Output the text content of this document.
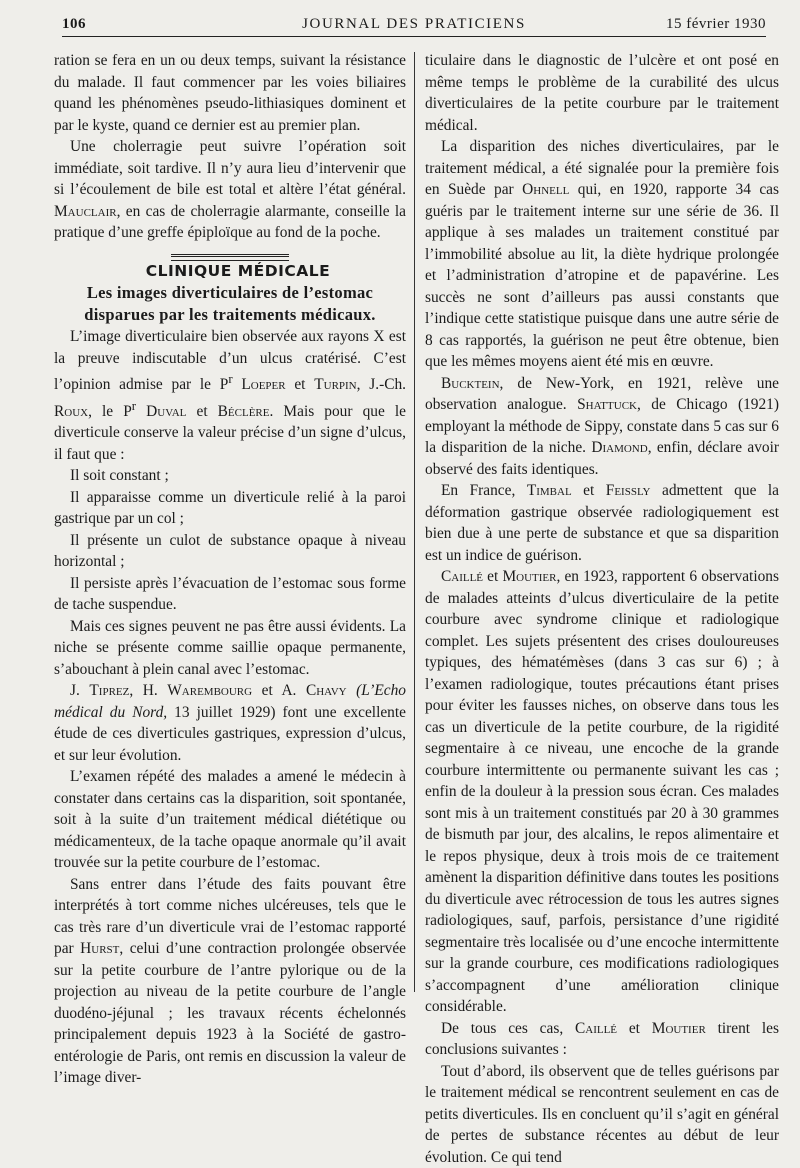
106	JOURNAL DES PRATICIENS	15 février 1930

ration se fera en un ou deux temps, suivant la résistance du malade. Il faut commencer par les voies biliaires quand les phénomènes pseudo-lithiasiques dominent et par le kyste, quand ce dernier est au premier plan.

Une cholerragie peut suivre l’opération soit immédiate, soit tardive. Il n’y aura lieu d’intervenir que si l’écoulement de bile est total et altère l’état général. Mauclair, en cas de cholerragie alarmante, conseille la pratique d’une greffe épiploïque au fond de la poche.

CLINIQUE MÉDICALE

Les images diverticulaires de l’estomac disparues par les traitements médicaux.

L’image diverticulaire bien observée aux rayons X est la preuve indiscutable d’un ulcus cratérisé. C’est l’opinion admise par le $P^r$ Loeper et Turpin, J.-Ch. Roux, le $P^r$ Duval et Béclère. Mais pour que le diverticule conserve la valeur précise d’un signe d’ulcus, il faut que :

Il soit constant ;

Il apparaisse comme un diverticule relié à la paroi gastrique par un col ;

Il présente un culot de substance opaque à niveau horizontal ;

Il persiste après l’évacuation de l’estomac sous forme de tache suspendue.

Mais ces signes peuvent ne pas être aussi évidents. La niche se présente comme saillie opaque permanente, s’abouchant à plein canal avec l’estomac.

J. Tiprez, H. Warembourg et A. Chavy (L’Echo médical du Nord, 13 juillet 1929) font une excellente étude de ces diverticules gastriques, expression d’ulcus, et sur leur évolution.

L’examen répété des malades a amené le médecin à constater dans certains cas la disparition, soit spontanée, soit à la suite d’un traitement médical diététique ou médicamenteux, de la tache opaque anormale qu’il avait trouvée sur la petite courbure de l’estomac.

Sans entrer dans l’étude des faits pouvant être interprétés à tort comme niches ulcéreuses, tels que le cas très rare d’un diverticule vrai de l’estomac rapporté par Hurst, celui d’une contraction prolongée observée sur la petite courbure de l’antre pylorique ou de la projection au niveau de la petite courbure de l’angle duodéno-jéjunal ; les travaux récents échelonnés principalement depuis 1923 à la Société de gastro-entérologie de Paris, ont remis en discussion la valeur de l’image diver-

ticulaire dans le diagnostic de l’ulcère et ont posé en même temps le problème de la curabilité des ulcus diverticulaires de la petite courbure par le traitement médical.

La disparition des niches diverticulaires, par le traitement médical, a été signalée pour la première fois en Suède par Ohnell qui, en 1920, rapporte 34 cas guéris par le traitement interne sur une série de 36. Il applique à ses malades un traitement constitué par l’immobilité absolue au lit, la diète hydrique prolongée et l’administration d’atropine et de papavérine. Les succès ne sont d’ailleurs pas aussi constants que l’indique cette statistique puisque dans une autre série de 8 cas rapportés, la guérison ne peut être obtenue, bien que les mêmes moyens aient été mis en œuvre.

Bucktein, de New-York, en 1921, relève une observation analogue. Shattuck, de Chicago (1921) employant la méthode de Sippy, constate dans 5 cas sur 6 la disparition de la niche. Diamond, enfin, déclare avoir observé des faits identiques.

En France, Timbal et Feissly admettent que la déformation gastrique observée radiologiquement est bien due à une perte de substance et que sa disparition est un indice de guérison.

Caillé et Moutier, en 1923, rapportent 6 observations de malades atteints d’ulcus diverticulaire de la petite courbure avec syndrome clinique et radiologique complet. Les sujets présentent des crises douloureuses typiques, des hématémèses (dans 3 cas sur 6) ; à l’examen radiologique, toutes précautions étant prises pour éviter les fausses niches, on observe dans tous les cas un diverticule de la petite courbure, de la rigidité segmentaire à ce niveau, une encoche de la grande courbure intermittente ou permanente suivant les cas ; enfin de la douleur à la pression sous écran. Ces malades sont mis à un traitement constitués par 20 à 30 grammes de bismuth par jour, des alcalins, le repos alimentaire et le repos physique, deux à trois mois de ce traitement amènent la disparition définitive dans toutes les positions du diverticule avec rétrocession de tous les autres signes radiologiques, sauf, parfois, persistance d’une rigidité segmentaire très localisée ou d’une encoche intermittente sur la grande courbure, ces modifications radiologiques s’accompagnent d’une amélioration clinique considérable.

De tous ces cas, Caillé et Moutier tirent les conclusions suivantes :

Tout d’abord, ils observent que de telles guérisons par le traitement médical se rencontrent seulement en cas de petits diverticules. Ils en concluent qu’il s’agit en général de pertes de substance récentes au début de leur évolution. Ce qui tend
